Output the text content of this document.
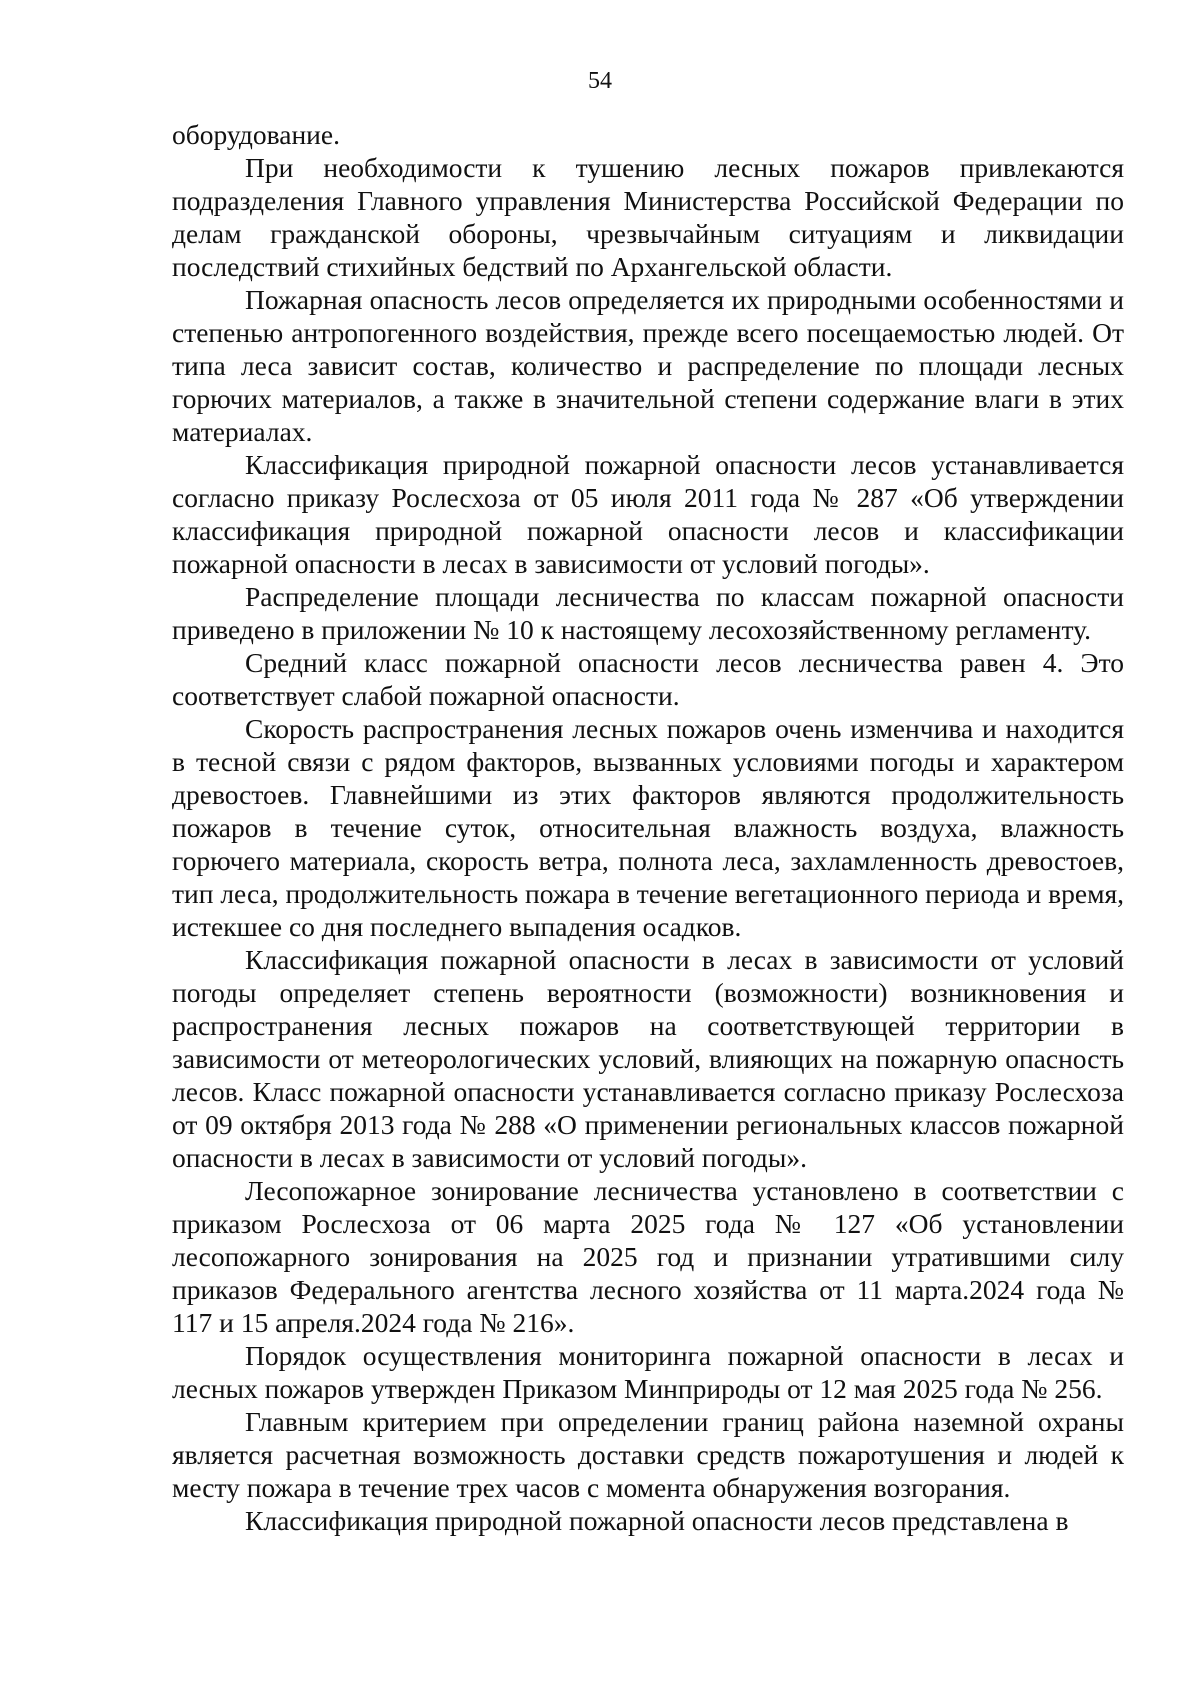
54

оборудование.

При необходимости к тушению лесных пожаров привлекаются подразделения Главного управления Министерства Российской Федерации по делам гражданской обороны, чрезвычайным ситуациям и ликвидации последствий стихийных бедствий по Архангельской области.

Пожарная опасность лесов определяется их природными особенностями и степенью антропогенного воздействия, прежде всего посещаемостью людей. От типа леса зависит состав, количество и распределение по площади лесных горючих материалов, а также в значительной степени содержание влаги в этих материалах.

Классификация природной пожарной опасности лесов устанавливается согласно приказу Рослесхоза от 05 июля 2011 года № 287 «Об утверждении классификация природной пожарной опасности лесов и классификации пожарной опасности в лесах в зависимости от условий погоды».

Распределение площади лесничества по классам пожарной опасности приведено в приложении № 10 к настоящему лесохозяйственному регламенту.

Средний класс пожарной опасности лесов лесничества равен 4. Это соответствует слабой пожарной опасности.

Скорость распространения лесных пожаров очень изменчива и находится в тесной связи с рядом факторов, вызванных условиями погоды и характером древостоев. Главнейшими из этих факторов являются продолжительность пожаров в течение суток, относительная влажность воздуха, влажность горючего материала, скорость ветра, полнота леса, захламленность древостоев, тип леса, продолжительность пожара в течение вегетационного периода и время, истекшее со дня последнего выпадения осадков.

Классификация пожарной опасности в лесах в зависимости от условий погоды определяет степень вероятности (возможности) возникновения и распространения лесных пожаров на соответствующей территории в зависимости от метеорологических условий, влияющих на пожарную опасность лесов. Класс пожарной опасности устанавливается согласно приказу Рослесхоза от 09 октября 2013 года № 288 «О применении региональных классов пожарной опасности в лесах в зависимости от условий погоды».

Лесопожарное зонирование лесничества установлено в соответствии с приказом Рослесхоза от 06 марта 2025 года № 127 «Об установлении лесопожарного зонирования на 2025 год и признании утратившими силу приказов Федерального агентства лесного хозяйства от 11 марта.2024 года № 117 и 15 апреля.2024 года № 216».

Порядок осуществления мониторинга пожарной опасности в лесах и лесных пожаров утвержден Приказом Минприроды от 12 мая 2025 года № 256.

Главным критерием при определении границ района наземной охраны является расчетная возможность доставки средств пожаротушения и людей к месту пожара в течение трех часов с момента обнаружения возгорания.

Классификация природной пожарной опасности лесов представлена в
